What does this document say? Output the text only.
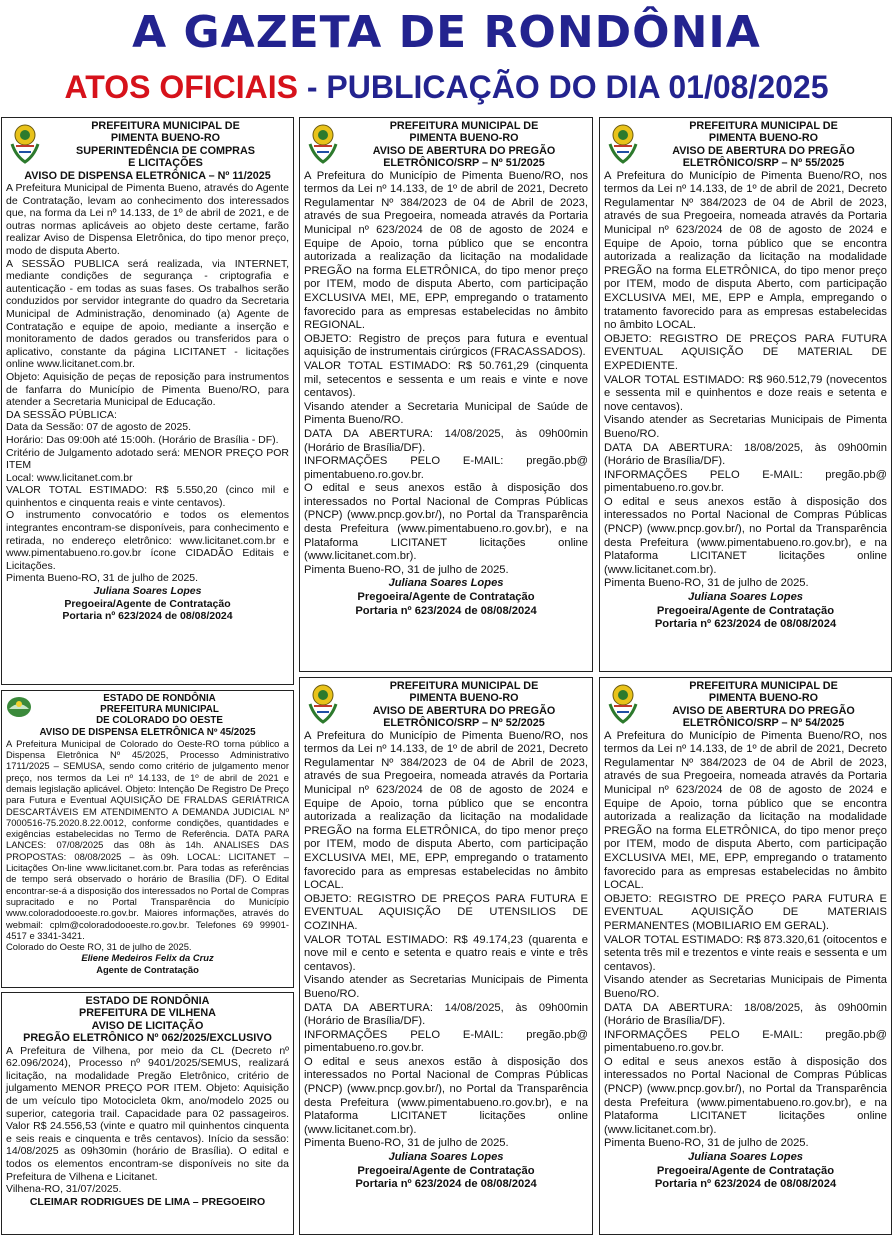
A GAZETA DE RONDÔNIA
ATOS OFICIAIS - PUBLICAÇÃO DO DIA 01/08/2025
PREFEITURA MUNICIPAL DE
PIMENTA BUENO-RO
SUPERINTEDÊNCIA DE COMPRAS
E LICITAÇÕES
AVISO DE DISPENSA ELETRÔNICA – Nº 11/2025

A Prefeitura Municipal de Pimenta Bueno, através do Agente de Contratação, levam ao conhecimento dos interessados que, na forma da Lei nº 14.133, de 1º de abril de 2021, e de outras normas aplicáveis ao objeto deste certame, farão realizar Aviso de Dispensa Eletrônica, do tipo menor preço, modo de disputa Aberto.

A SESSÃO PUBLICA será realizada, via INTERNET, mediante condições de segurança - criptografia e autenticação - em todas as suas fases. Os trabalhos serão conduzidos por servidor integrante do quadro da Secretaria Municipal de Administração, denominado (a) Agente de Contratação e equipe de apoio, mediante a inserção e monitoramento de dados gerados ou transferidos para o aplicativo, constante da página LICITANET - licitações online www.licitanet.com.br.

Objeto: Aquisição de peças de reposição para instrumentos de fanfarra do Município de Pimenta Bueno/RO, para atender a Secretaria Municipal de Educação.

DA SESSÃO PÚBLICA:

Data da Sessão: 07 de agosto de 2025.

Horário: Das 09:00h até 15:00h. (Horário de Brasília - DF).

Critério de Julgamento adotado será: MENOR PREÇO POR ITEM

Local: www.licitanet.com.br

VALOR TOTAL ESTIMADO: R$ 5.550,20 (cinco mil e quinhentos e cinquenta reais e vinte centavos).

O instrumento convocatório e todos os elementos integrantes encontram-se disponíveis, para conhecimento e retirada, no endereço eletrônico: www.licitanet.com.br e www.pimentabueno.ro.gov.br ícone CIDADÃO Editais e Licitações.

Pimenta Bueno-RO, 31 de julho de 2025.

Juliana Soares Lopes
Pregoeira/Agente de Contratação
Portaria nº 623/2024 de 08/08/2024
ESTADO DE RONDÔNIA
PREFEITURA MUNICIPAL
DE COLORADO DO OESTE
AVISO DE DISPENSA ELETRÔNICA Nº 45/2025

A Prefeitura Municipal de Colorado do Oeste-RO torna público a Dispensa Eletrônica Nº 45/2025, Processo Administrativo 1711/2025 – SEMUSA, sendo como critério de julgamento menor preço, nos termos da Lei nº 14.133, de 1º de abril de 2021 e demais legislação aplicável. Objeto: Intenção De Registro De Preço para Futura e Eventual AQUISIÇÃO DE FRALDAS GERIÁTRICA DESCARTÁVEIS EM ATENDIMENTO A DEMANDA JUDICIAL Nº 7000516-75.2020.8.22.0012, conforme condições, quantidades e exigências estabelecidas no Termo de Referência. DATA PARA LANCES: 07/08/2025 das 08h às 14h. ANALISES DAS PROPOSTAS: 08/08/2025 – às 09h. LOCAL: LICITANET – Licitações On-line www.licitanet.com.br. Para todas as referências de tempo será observado o horário de Brasília (DF). O Edital encontrar-se-á a disposição dos interessados no Portal de Compras supracitado e no Portal Transparência do Município www.coloradodooeste.ro.gov.br. Maiores informações, através do webmail: cplm@coloradodooeste.ro.gov.br. Telefones 69 99901-4517 e 3341-3421.

Colorado do Oeste RO, 31 de julho de 2025.

Eliene Medeiros Felix da Cruz
Agente de Contratação
ESTADO DE RONDÔNIA
PREFEITURA DE VILHENA
AVISO DE LICITAÇÃO
PREGÃO ELETRÔNICO Nº 062/2025/EXCLUSIVO

A Prefeitura de Vilhena, por meio da CL (Decreto nº 62.096/2024), Processo nº 9401/2025/SEMUS, realizará licitação, na modalidade Pregão Eletrônico, critério de julgamento MENOR PREÇO POR ITEM. Objeto: Aquisição de um veículo tipo Motocicleta 0km, ano/modelo 2025 ou superior, categoria trail. Capacidade para 02 passageiros. Valor R$ 24.556,53 (vinte e quatro mil quinhentos cinquenta e seis reais e cinquenta e três centavos). Início da sessão: 14/08/2025 as 09h30min (horário de Brasília). O edital e todos os elementos encontram-se disponíveis no site da Prefeitura de Vilhena e Licitanet.

Vilhena-RO, 31/07/2025.

CLEIMAR RODRIGUES DE LIMA – PREGOEIRO
PREFEITURA MUNICIPAL DE
PIMENTA BUENO-RO
AVISO DE ABERTURA DO PREGÃO
ELETRÔNICO/SRP – Nº 51/2025

A Prefeitura do Município de Pimenta Bueno/RO, nos termos da Lei nº 14.133, de 1º de abril de 2021, Decreto Regulamentar Nº 384/2023 de 04 de Abril de 2023, através de sua Pregoeira, nomeada através da Portaria Municipal nº 623/2024 de 08 de agosto de 2024 e Equipe de Apoio, torna público que se encontra autorizada a realização da licitação na modalidade PREGÃO na forma ELETRÔNICA, do tipo menor preço por ITEM, modo de disputa Aberto, com participação EXCLUSIVA MEI, ME, EPP, empregando o tratamento favorecido para as empresas estabelecidas no âmbito REGIONAL.

OBJETO: Registro de preços para futura e eventual aquisição de instrumentais cirúrgicos (FRACASSADOS).

VALOR TOTAL ESTIMADO: R$ 50.761,29 (cinquenta mil, setecentos e sessenta e um reais e vinte e nove centavos).

Visando atender a Secretaria Municipal de Saúde de Pimenta Bueno/RO.

DATA DA ABERTURA: 14/08/2025, às 09h00min (Horário de Brasília/DF).

INFORMAÇÕES PELO E-MAIL: pregão.pb@ pimentabueno.ro.gov.br.

O edital e seus anexos estão à disposição dos interessados no Portal Nacional de Compras Públicas (PNCP) (www.pncp.gov.br/), no Portal da Transparência desta Prefeitura (www.pimentabueno.ro.gov.br), e na Plataforma LICITANET licitações online (www.licitanet.com.br).

Pimenta Bueno-RO, 31 de julho de 2025.

Juliana Soares Lopes
Pregoeira/Agente de Contratação
Portaria nº 623/2024 de 08/08/2024
PREFEITURA MUNICIPAL DE
PIMENTA BUENO-RO
AVISO DE ABERTURA DO PREGÃO
ELETRÔNICO/SRP – Nº 52/2025

A Prefeitura do Município de Pimenta Bueno/RO, nos termos da Lei nº 14.133, de 1º de abril de 2021, Decreto Regulamentar Nº 384/2023 de 04 de Abril de 2023, através de sua Pregoeira, nomeada através da Portaria Municipal nº 623/2024 de 08 de agosto de 2024 e Equipe de Apoio, torna público que se encontra autorizada a realização da licitação na modalidade PREGÃO na forma ELETRÔNICA, do tipo menor preço por ITEM, modo de disputa Aberto, com participação EXCLUSIVA MEI, ME, EPP, empregando o tratamento favorecido para as empresas estabelecidas no âmbito LOCAL.

OBJETO: REGISTRO DE PREÇOS PARA FUTURA E EVENTUAL AQUISIÇÃO DE UTENSILIOS DE COZINHA.

VALOR TOTAL ESTIMADO: R$ 49.174,23 (quarenta e nove mil e cento e setenta e quatro reais e vinte e três centavos).

Visando atender as Secretarias Municipais de Pimenta Bueno/RO.

DATA DA ABERTURA: 14/08/2025, às 09h00min (Horário de Brasília/DF).

INFORMAÇÕES PELO E-MAIL: pregão.pb@ pimentabueno.ro.gov.br.

O edital e seus anexos estão à disposição dos interessados no Portal Nacional de Compras Públicas (PNCP) (www.pncp.gov.br/), no Portal da Transparência desta Prefeitura (www.pimentabueno.ro.gov.br), e na Plataforma LICITANET licitações online (www.licitanet.com.br).

Pimenta Bueno-RO, 31 de julho de 2025.

Juliana Soares Lopes
Pregoeira/Agente de Contratação
Portaria nº 623/2024 de 08/08/2024
PREFEITURA MUNICIPAL DE
PIMENTA BUENO-RO
AVISO DE ABERTURA DO PREGÃO
ELETRÔNICO/SRP – Nº 55/2025

A Prefeitura do Município de Pimenta Bueno/RO, nos termos da Lei nº 14.133, de 1º de abril de 2021, Decreto Regulamentar Nº 384/2023 de 04 de Abril de 2023, através de sua Pregoeira, nomeada através da Portaria Municipal nº 623/2024 de 08 de agosto de 2024 e Equipe de Apoio, torna público que se encontra autorizada a realização da licitação na modalidade PREGÃO na forma ELETRÔNICA, do tipo menor preço por ITEM, modo de disputa Aberto, com participação EXCLUSIVA MEI, ME, EPP e Ampla, empregando o tratamento favorecido para as empresas estabelecidas no âmbito LOCAL.

OBJETO: REGISTRO DE PREÇOS PARA FUTURA EVENTUAL AQUISIÇÃO DE MATERIAL DE EXPEDIENTE.

VALOR TOTAL ESTIMADO: R$ 960.512,79 (novecentos e sessenta mil e quinhentos e doze reais e setenta e nove centavos).

Visando atender as Secretarias Municipais de Pimenta Bueno/RO.

DATA DA ABERTURA: 18/08/2025, às 09h00min (Horário de Brasília/DF).

INFORMAÇÕES PELO E-MAIL: pregão.pb@ pimentabueno.ro.gov.br.

O edital e seus anexos estão à disposição dos interessados no Portal Nacional de Compras Públicas (PNCP) (www.pncp.gov.br/), no Portal da Transparência desta Prefeitura (www.pimentabueno.ro.gov.br), e na Plataforma LICITANET licitações online (www.licitanet.com.br).

Pimenta Bueno-RO, 31 de julho de 2025.

Juliana Soares Lopes
Pregoeira/Agente de Contratação
Portaria nº 623/2024 de 08/08/2024
PREFEITURA MUNICIPAL DE
PIMENTA BUENO-RO
AVISO DE ABERTURA DO PREGÃO
ELETRÔNICO/SRP – Nº 54/2025

A Prefeitura do Município de Pimenta Bueno/RO, nos termos da Lei nº 14.133, de 1º de abril de 2021, Decreto Regulamentar Nº 384/2023 de 04 de Abril de 2023, através de sua Pregoeira, nomeada através da Portaria Municipal nº 623/2024 de 08 de agosto de 2024 e Equipe de Apoio, torna público que se encontra autorizada a realização da licitação na modalidade PREGÃO na forma ELETRÔNICA, do tipo menor preço por ITEM, modo de disputa Aberto, com participação EXCLUSIVA MEI, ME, EPP, empregando o tratamento favorecido para as empresas estabelecidas no âmbito LOCAL.

OBJETO: REGISTRO DE PREÇO PARA FUTURA E EVENTUAL AQUISIÇÃO DE MATERIAIS PERMANENTES (MOBILIARIO EM GERAL).

VALOR TOTAL ESTIMADO: R$ 873.320,61 (oitocentos e setenta três mil e trezentos e vinte reais e sessenta e um centavos).

Visando atender as Secretarias Municipais de Pimenta Bueno/RO.

DATA DA ABERTURA: 18/08/2025, às 09h00min (Horário de Brasília/DF).

INFORMAÇÕES PELO E-MAIL: pregão.pb@ pimentabueno.ro.gov.br.

O edital e seus anexos estão à disposição dos interessados no Portal Nacional de Compras Públicas (PNCP) (www.pncp.gov.br/), no Portal da Transparência desta Prefeitura (www.pimentabueno.ro.gov.br), e na Plataforma LICITANET licitações online (www.licitanet.com.br).

Pimenta Bueno-RO, 31 de julho de 2025.

Juliana Soares Lopes
Pregoeira/Agente de Contratação
Portaria nº 623/2024 de 08/08/2024
